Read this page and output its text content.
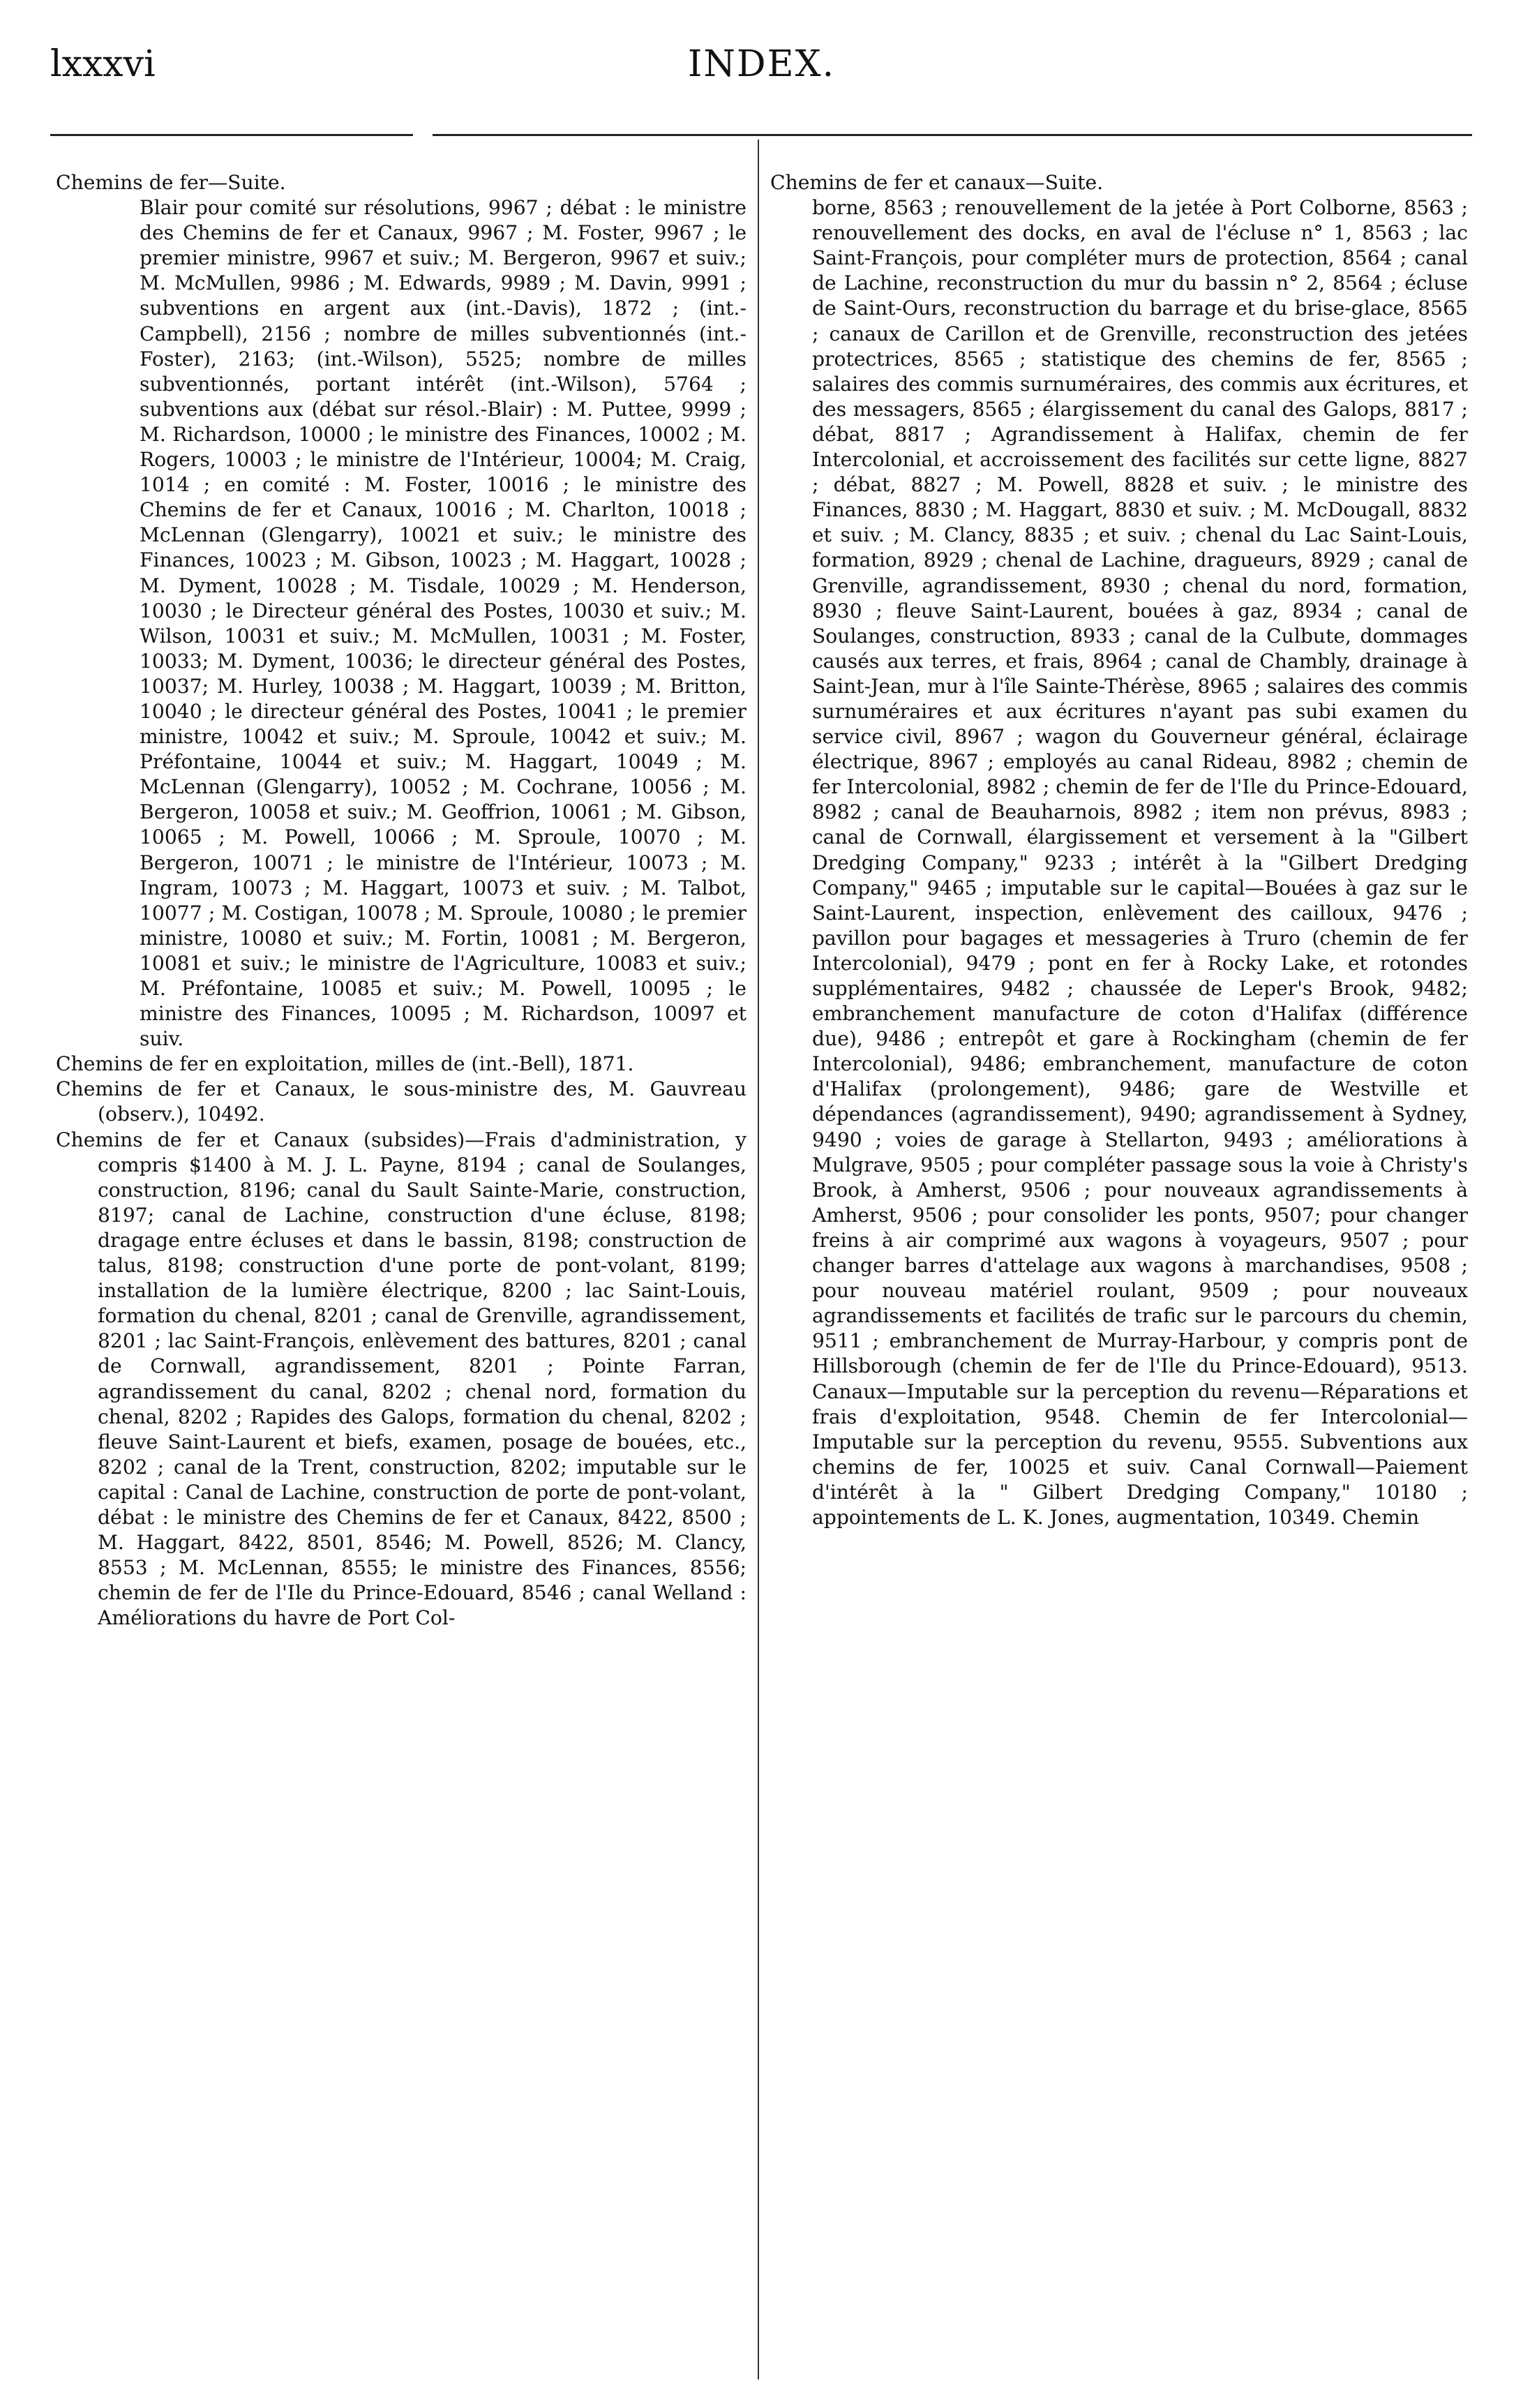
lxxxvi	INDEX.

Chemins de fer—Suite.

Blair pour comité sur résolutions, 9967 ; débat : le ministre des Chemins de fer et Canaux, 9967 ; M. Foster, 9967 ; le premier ministre, 9967 et suiv.; M. Bergeron, 9967 et suiv.; M. McMullen, 9986 ; M. Edwards, 9989 ; M. Davin, 9991 ; subventions en argent aux (int.-Davis), 1872 ; (int.-Campbell), 2156 ; nombre de milles subventionnés (int.-Foster), 2163; (int.-Wilson), 5525; nombre de milles subventionnés, portant intérêt (int.-Wilson), 5764 ; subventions aux (débat sur résol.-Blair) : M. Puttee, 9999 ; M. Richardson, 10000 ; le ministre des Finances, 10002 ; M. Rogers, 10003 ; le ministre de l'Intérieur, 10004; M. Craig, 1014 ; en comité : M. Foster, 10016 ; le ministre des Chemins de fer et Canaux, 10016 ; M. Charlton, 10018 ; McLennan (Glengarry), 10021 et suiv.; le ministre des Finances, 10023 ; M. Gibson, 10023 ; M. Haggart, 10028 ; M. Dyment, 10028 ; M. Tisdale, 10029 ; M. Henderson, 10030 ; le Directeur général des Postes, 10030 et suiv.; M. Wilson, 10031 et suiv.; M. McMullen, 10031 ; M. Foster, 10033; M. Dyment, 10036; le directeur général des Postes, 10037; M. Hurley, 10038 ; M. Haggart, 10039 ; M. Britton, 10040 ; le directeur général des Postes, 10041 ; le premier ministre, 10042 et suiv.; M. Sproule, 10042 et suiv.; M. Préfontaine, 10044 et suiv.; M. Haggart, 10049 ; M. McLennan (Glengarry), 10052 ; M. Cochrane, 10056 ; M. Bergeron, 10058 et suiv.; M. Geoffrion, 10061 ; M. Gibson, 10065 ; M. Powell, 10066 ; M. Sproule, 10070 ; M. Bergeron, 10071 ; le ministre de l'Intérieur, 10073 ; M. Ingram, 10073 ; M. Haggart, 10073 et suiv. ; M. Talbot, 10077 ; M. Costigan, 10078 ; M. Sproule, 10080 ; le premier ministre, 10080 et suiv.; M. Fortin, 10081 ; M. Bergeron, 10081 et suiv.; le ministre de l'Agriculture, 10083 et suiv.; M. Préfontaine, 10085 et suiv.; M. Powell, 10095 ; le ministre des Finances, 10095 ; M. Richardson, 10097 et suiv.

Chemins de fer en exploitation, milles de (int.-Bell), 1871.

Chemins de fer et Canaux, le sous-ministre des, M. Gauvreau (observ.), 10492.

Chemins de fer et Canaux (subsides)—Frais d'administration, y compris $1400 à M. J. L. Payne, 8194 ; canal de Soulanges, construction, 8196; canal du Sault Sainte-Marie, construction, 8197; canal de Lachine, construction d'une écluse, 8198; dragage entre écluses et dans le bassin, 8198; construction de talus, 8198; construction d'une porte de pont-volant, 8199; installation de la lumière électrique, 8200 ; lac Saint-Louis, formation du chenal, 8201 ; canal de Grenville, agrandissement, 8201 ; lac Saint-François, enlèvement des battures, 8201 ; canal de Cornwall, agrandissement, 8201 ; Pointe Farran, agrandissement du canal, 8202 ; chenal nord, formation du chenal, 8202 ; Rapides des Galops, formation du chenal, 8202 ; fleuve Saint-Laurent et biefs, examen, posage de bouées, etc., 8202 ; canal de la Trent, construction, 8202; imputable sur le capital : Canal de Lachine, construction de porte de pont-volant, débat : le ministre des Chemins de fer et Canaux, 8422, 8500 ; M. Haggart, 8422, 8501, 8546; M. Powell, 8526; M. Clancy, 8553 ; M. McLennan, 8555; le ministre des Finances, 8556; chemin de fer de l'Ile du Prince-Edouard, 8546 ; canal Welland : Améliorations du havre de Port Col-

Chemins de fer et canaux—Suite.

borne, 8563 ; renouvellement de la jetée à Port Colborne, 8563 ; renouvellement des docks, en aval de l'écluse n° 1, 8563 ; lac Saint-François, pour compléter murs de protection, 8564 ; canal de Lachine, reconstruction du mur du bassin n° 2, 8564 ; écluse de Saint-Ours, reconstruction du barrage et du brise-glace, 8565 ; canaux de Carillon et de Grenville, reconstruction des jetées protectrices, 8565 ; statistique des chemins de fer, 8565 ; salaires des commis surnuméraires, des commis aux écritures, et des messagers, 8565 ; élargissement du canal des Galops, 8817 ; débat, 8817 ; Agrandissement à Halifax, chemin de fer Intercolonial, et accroissement des facilités sur cette ligne, 8827 ; débat, 8827 ; M. Powell, 8828 et suiv. ; le ministre des Finances, 8830 ; M. Haggart, 8830 et suiv. ; M. McDougall, 8832 et suiv. ; M. Clancy, 8835 ; et suiv. ; chenal du Lac Saint-Louis, formation, 8929 ; chenal de Lachine, dragueurs, 8929 ; canal de Grenville, agrandissement, 8930 ; chenal du nord, formation, 8930 ; fleuve Saint-Laurent, bouées à gaz, 8934 ; canal de Soulanges, construction, 8933 ; canal de la Culbute, dommages causés aux terres, et frais, 8964 ; canal de Chambly, drainage à Saint-Jean, mur à l'île Sainte-Thérèse, 8965 ; salaires des commis surnuméraires et aux écritures n'ayant pas subi examen du service civil, 8967 ; wagon du Gouverneur général, éclairage électrique, 8967 ; employés au canal Rideau, 8982 ; chemin de fer Intercolonial, 8982 ; chemin de fer de l'Ile du Prince-Edouard, 8982 ; canal de Beauharnois, 8982 ; item non prévus, 8983 ; canal de Cornwall, élargissement et versement à la "Gilbert Dredging Company," 9233 ; intérêt à la "Gilbert Dredging Company," 9465 ; imputable sur le capital—Bouées à gaz sur le Saint-Laurent, inspection, enlèvement des cailloux, 9476 ; pavillon pour bagages et messageries à Truro (chemin de fer Intercolonial), 9479 ; pont en fer à Rocky Lake, et rotondes supplémentaires, 9482 ; chaussée de Leper's Brook, 9482; embranchement manufacture de coton d'Halifax (différence due), 9486 ; entrepôt et gare à Rockingham (chemin de fer Intercolonial), 9486; embranchement, manufacture de coton d'Halifax (prolongement), 9486; gare de Westville et dépendances (agrandissement), 9490; agrandissement à Sydney, 9490 ; voies de garage à Stellarton, 9493 ; améliorations à Mulgrave, 9505 ; pour compléter passage sous la voie à Christy's Brook, à Amherst, 9506 ; pour nouveaux agrandissements à Amherst, 9506 ; pour consolider les ponts, 9507; pour changer freins à air comprimé aux wagons à voyageurs, 9507 ; pour changer barres d'attelage aux wagons à marchandises, 9508 ; pour nouveau matériel roulant, 9509 ; pour nouveaux agrandissements et facilités de trafic sur le parcours du chemin, 9511 ; embranchement de Murray-Harbour, y compris pont de Hillsborough (chemin de fer de l'Ile du Prince-Edouard), 9513. Canaux—Imputable sur la perception du revenu—Réparations et frais d'exploitation, 9548. Chemin de fer Intercolonial—Imputable sur la perception du revenu, 9555. Subventions aux chemins de fer, 10025 et suiv. Canal Cornwall—Paiement d'intérêt à la " Gilbert Dredging Company," 10180 ; appointements de L. K. Jones, augmentation, 10349. Chemin
